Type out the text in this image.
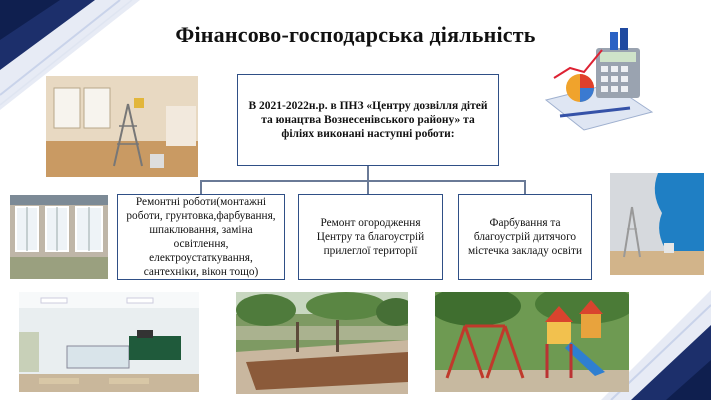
Фінансово-господарська діяльність
В 2021-2022н.р. в ПНЗ «Центру дозвілля дітей та юнацтва Вознесенівського району» та філіях виконані наступні роботи:
Ремонтні роботи(монтажні роботи, грунтовка,фарбування, шпаклювання, заміна освітлення, електроустаткування, сантехніки, вікон тощо)
Ремонт огородження Центру та благоустрій прилеглої території
Фарбування та благоустрій дитячого містечка закладу освіти
